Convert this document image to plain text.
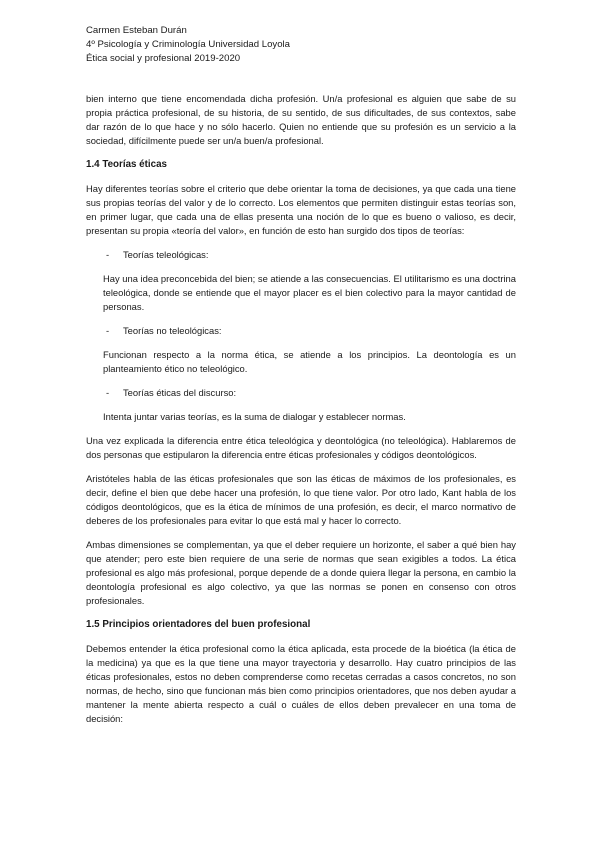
Carmen Esteban Durán
4º Psicología y Criminología Universidad Loyola
Ética social y profesional 2019-2020

bien interno que tiene encomendada dicha profesión. Un/a profesional es alguien que sabe de su propia práctica profesional, de su historia, de su sentido, de sus dificultades, de sus contextos, sabe dar razón de lo que hace y no sólo hacerlo. Quien no entiende que su profesión es un servicio a la sociedad, difícilmente puede ser un/a buen/a profesional.

1.4 Teorías éticas

Hay diferentes teorías sobre el criterio que debe orientar la toma de decisiones, ya que cada una tiene sus propias teorías del valor y de lo correcto. Los elementos que permiten distinguir estas teorías son, en primer lugar, que cada una de ellas presenta una noción de lo que es bueno o valioso, es decir, presentan su propia «teoría del valor», en función de esto han surgido dos tipos de teorías:

-	Teorías teleológicas:

Hay una idea preconcebida del bien; se atiende a las consecuencias. El utilitarismo es una doctrina teleológica, donde se entiende que el mayor placer es el bien colectivo para la mayor cantidad de personas.

-	Teorías no teleológicas:

Funcionan respecto a la norma ética, se atiende a los principios. La deontología es un planteamiento ético no teleológico.

-	Teorías éticas del discurso:

Intenta juntar varias teorías, es la suma de dialogar y establecer normas.

Una vez explicada la diferencia entre ética teleológica y deontológica (no teleológica). Hablaremos de dos personas que estipularon la diferencia entre éticas profesionales y códigos deontológicos.

Aristóteles habla de las éticas profesionales que son las éticas de máximos de los profesionales, es decir, define el bien que debe hacer una profesión, lo que tiene valor. Por otro lado, Kant habla de los códigos deontológicos, que es la ética de mínimos de una profesión, es decir, el marco normativo de deberes de los profesionales para evitar lo que está mal y hacer lo correcto.

Ambas dimensiones se complementan, ya que el deber requiere un horizonte, el saber a qué bien hay que atender; pero este bien requiere de una serie de normas que sean exigibles a todos. La ética profesional es algo más profesional, porque depende de a donde quiera llegar la persona, en cambio la deontología profesional es algo colectivo, ya que las normas se ponen en consenso con otros profesionales.

1.5 Principios orientadores del buen profesional

Debemos entender la ética profesional como la ética aplicada, esta procede de la bioética (la ética de la medicina) ya que es la que tiene una mayor trayectoria y desarrollo. Hay cuatro principios de las éticas profesionales, estos no deben comprenderse como recetas cerradas a casos concretos, no son normas, de hecho, sino que funcionan más bien como principios orientadores, que nos deben ayudar a mantener la mente abierta respecto a cuál o cuáles de ellos deben prevalecer en una toma de decisión:
